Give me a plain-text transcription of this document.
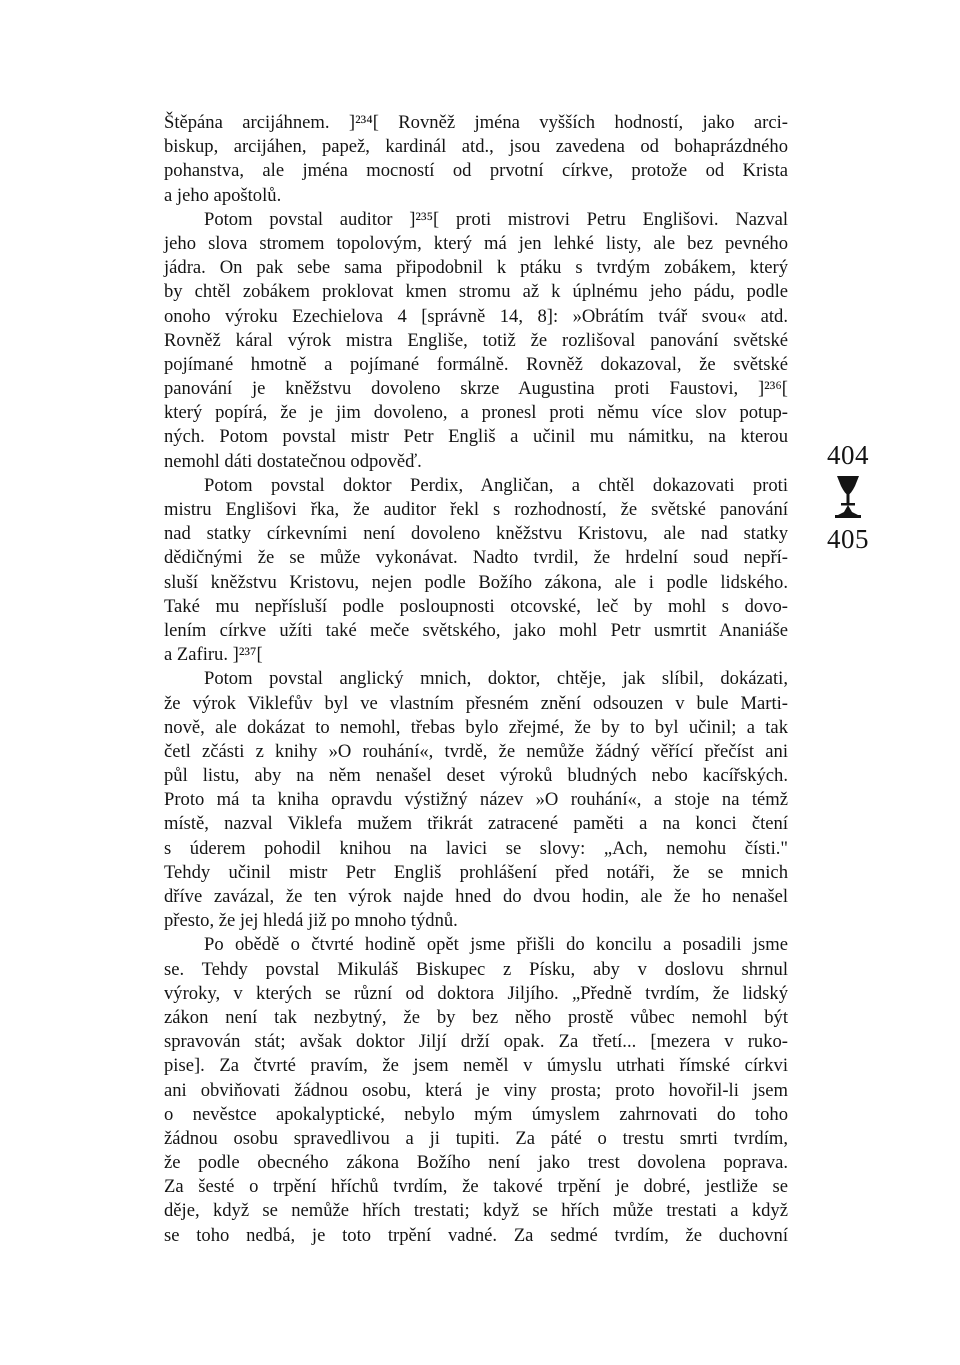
Štěpána arcijáhnem. ]²³⁴[ Rovněž jména vyšších hodností, jako arci-
biskup, arcijáhen, papež, kardinál atd., jsou zavedena od bohaprázdného
pohanstva, ale jména mocností od prvotní církve, protože od Krista
a jeho apoštolů.
Potom povstal auditor ]²³⁵[ proti mistrovi Petru Englišovi. Nazval
jeho slova stromem topolovým, který má jen lehké listy, ale bez pevného
jádra. On pak sebe sama připodobnil k ptáku s tvrdým zobákem, který
by chtěl zobákem proklovat kmen stromu až k úplnému jeho pádu, podle
onoho výroku Ezechielova 4 [správně 14, 8]: »Obrátím tvář svou« atd.
Rovněž káral výrok mistra Engliše, totiž že rozlišoval panování světské
pojímané hmotně a pojímané formálně. Rovněž dokazoval, že světské
panování je kněžstvu dovoleno skrze Augustina proti Faustovi, ]²³⁶[
který popírá, že je jim dovoleno, a pronesl proti němu více slov potup-
ných. Potom povstal mistr Petr Engliš a učinil mu námitku, na kterou
nemohl dáti dostatečnou odpověď.
Potom povstal doktor Perdix, Angličan, a chtěl dokazovati proti
mistru Englišovi řka, že auditor řekl s rozhodností, že světské panování
nad statky církevními není dovoleno kněžstvu Kristovu, ale nad statky
dědičnými že se může vykonávat. Nadto tvrdil, že hrdelní soud nepří-
sluší kněžstvu Kristovu, nejen podle Božího zákona, ale i podle lidského.
Také mu nepřísluší podle posloupnosti otcovské, leč by mohl s dovo-
lením církve užíti také meče světského, jako mohl Petr usmrtit Ananiáše
a Zafiru. ]²³⁷[
Potom povstal anglický mnich, doktor, chtěje, jak slíbil, dokázati,
že výrok Viklefův byl ve vlastním přesném znění odsouzen v bule Marti-
nově, ale dokázat to nemohl, třebas bylo zřejmé, že by to byl učinil; a tak
četl zčásti z knihy »O rouhání«, tvrdě, že nemůže žádný věřící přečíst ani
půl listu, aby na něm nenašel deset výroků bludných nebo kacířských.
Proto má ta kniha opravdu výstižný název »O rouhání«, a stoje na témž
místě, nazval Viklefa mužem třikrát zatracené paměti a na konci čtení
s úderem pohodil knihou na lavici se slovy: „Ach, nemohu čísti."
Tehdy učinil mistr Petr Engliš prohlášení před notáři, že se mnich
dříve zavázal, že ten výrok najde hned do dvou hodin, ale že ho nenašel
přesto, že jej hledá již po mnoho týdnů.
Po obědě o čtvrté hodině opět jsme přišli do koncilu a posadili jsme
se. Tehdy povstal Mikuláš Biskupec z Písku, aby v doslovu shrnul
výroky, v kterých se různí od doktora Jiljího. „Předně tvrdím, že lidský
zákon není tak nezbytný, že by bez něho prostě vůbec nemohl být
spravován stát; avšak doktor Jiljí drží opak. Za třetí... [mezera v ruko-
pise]. Za čtvrté pravím, že jsem neměl v úmyslu utrhati římské církvi
ani obviňovati žádnou osobu, která je viny prosta; proto hovořil-li jsem
o nevěstce apokalyptické, nebylo mým úmyslem zahrnovati do toho
žádnou osobu spravedlivou a ji tupiti. Za páté o trestu smrti tvrdím,
že podle obecného zákona Božího není jako trest dovolena poprava.
Za šesté o trpění hříchů tvrdím, že takové trpění je dobré, jestliže se
děje, když se nemůže hřích trestati; když se hřích může trestati a když
se toho nedbá, je toto trpění vadné. Za sedmé tvrdím, že duchovní
404
405
